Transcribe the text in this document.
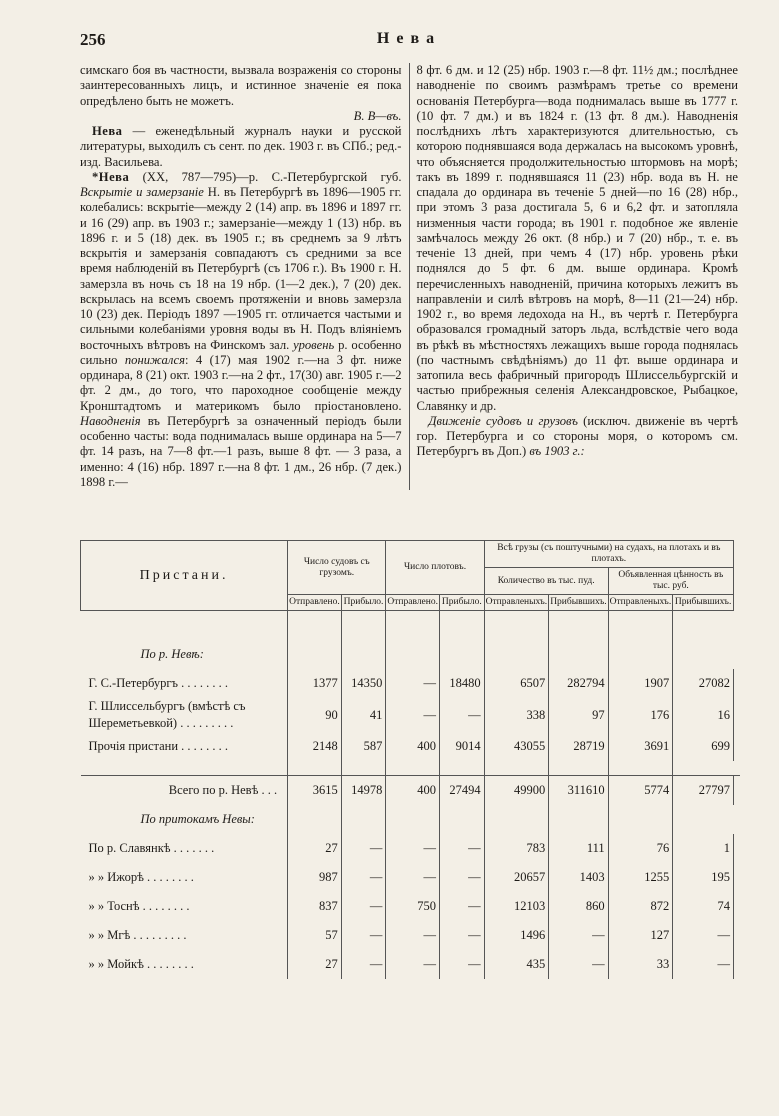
256	Нева

симскаго боя въ частности, вызвала возраженія со стороны заинтересованныхъ лицъ, и истинное значеніе ея пока опредѣлено быть не можетъ.
В. В—въ.

Нева — еженедѣльный журналъ науки и русской литературы, выходилъ съ сент. по дек. 1903 г. въ СПб.; ред.-изд. Васильева.

*Нева (XX, 787—795)—р. С.-Петербургской губ. Вскрытіе и замерзаніе Н. въ Петербургѣ въ 1896—1905 гг. колебались: вскрытіе—между 2 (14) апр. въ 1896 и 1897 гг. и 16 (29) апр. въ 1903 г.; замерзаніе—между 1 (13) нбр. въ 1896 г. и 5 (18) дек. въ 1905 г.; въ среднемъ за 9 лѣтъ вскрытія и замерзанія совпадаютъ съ средними за все время наблюденій въ Петербургѣ (съ 1706 г.). Въ 1900 г. Н. замерзла въ ночь съ 18 на 19 нбр. (1—2 дек.), 7 (20) дек. вскрылась на всемъ своемъ протяженіи и вновь замерзла 10 (23) дек. Періодъ 1897 —1905 гг. отличается частыми и сильными колебаніями уровня воды въ Н. Подъ вліяніемъ восточныхъ вѣтровъ на Финскомъ зал. уровень р. особенно сильно понижался: 4 (17) мая 1902 г.—на 3 фт. ниже ординара, 8 (21) окт. 1903 г.—на 2 фт., 17(30) авг. 1905 г.—2 фт. 2 дм., до того, что пароходное сообщеніе между Кронштадтомъ и материкомъ было пріостановлено. Наводненія въ Петербургѣ за означенный періодъ были особенно часты: вода поднималась выше ординара на 5—7 фт. 14 разъ, на 7—8 фт.—1 разъ, выше 8 фт. — 3 раза, а именно: 4 (16) нбр. 1897 г.—на 8 фт. 1 дм., 26 нбр. (7 дек.) 1898 г.—

8 фт. 6 дм. и 12 (25) нбр. 1903 г.—8 фт. 11½ дм.; послѣднее наводненіе по своимъ размѣрамъ третье со времени основанія Петербурга—вода поднималась выше въ 1777 г. (10 фт. 7 дм.) и въ 1824 г. (13 фт. 8 дм.). Наводненія послѣднихъ лѣтъ характеризуются длительностью, съ которою поднявшаяся вода держалась на высокомъ уровнѣ, что объясняется продолжительностью штормовъ на морѣ; такъ въ 1899 г. поднявшаяся 11 (23) нбр. вода въ Н. не спадала до ординара въ теченіе 5 дней—по 16 (28) нбр., при этомъ 3 раза достигала 5, 6 и 6,2 фт. и затопляла низменныя части города; въ 1901 г. подобное же явленіе замѣчалось между 26 окт. (8 нбр.) и 7 (20) нбр., т. е. въ теченіе 13 дней, при чемъ 4 (17) нбр. уровень рѣки поднялся до 5 фт. 6 дм. выше ординара. Кромѣ перечисленныхъ наводненій, причина которыхъ лежитъ въ направленіи и силѣ вѣтровъ на морѣ, 8—11 (21—24) нбр. 1902 г., во время ледохода на Н., въ чертѣ г. Петербурга образовался громадный заторъ льда, вслѣдствіе чего вода въ рѣкѣ въ мѣстностяхъ лежащихъ выше города поднялась (по частнымъ свѣдѣніямъ) до 11 фт. выше ординара и затопила весь фабричный пригородъ Шлиссельбургскій и частью прибрежныя селенія Александровское, Рыбацкое, Славянку и др.

Движеніе судовъ и грузовъ (исключ. движеніе въ чертѣ гор. Петербурга и со стороны моря, о которомъ см. Петербургъ въ Доп.) въ 1903 г.:

Пристани.	Число судовъ съ грузомъ.		Число плотовъ.		Всѣ грузы (съ поштучными) на судахъ, на плотахъ и въ плотахъ.				
					Количество въ тыс. пуд.		Объявленная цѣнность въ тыс. руб.		
	Отправлено.	Прибыло.	Отправлено.	Прибыло.	Отправленыхъ.	Прибывшихъ.	Отправленыхъ.	Прибывшихъ.	

По р. Невѣ:									
Г. С.-Петербургъ . . . . . . . .	1377	14350	—	18480	6507	282794	1907	27082	
Г. Шлиссельбургъ (вмѣстѣ съ Шереметьевкой) . . . . . . . . .	90	41	—	—	338	97	176	16	
Прочія пристани . . . . . . . .	2148	587	400	9014	43055	28719	3691	699	

Всего по р. Невѣ . . .	3615	14978	400	27494	49900	311610	5774	27797	
По притокамъ Невы:									
По р. Славянкѣ . . . . . . .	27	—	—	—	783	111	76	1	
» » Ижорѣ . . . . . . . .	987	—	—	—	20657	1403	1255	195	
» » Тоснѣ . . . . . . . .	837	—	750	—	12103	860	872	74	
» » Мгѣ . . . . . . . . .	57	—	—	—	1496	—	127	—	
» » Мойкѣ . . . . . . . .	27	—	—	—	435	—	33	—	
